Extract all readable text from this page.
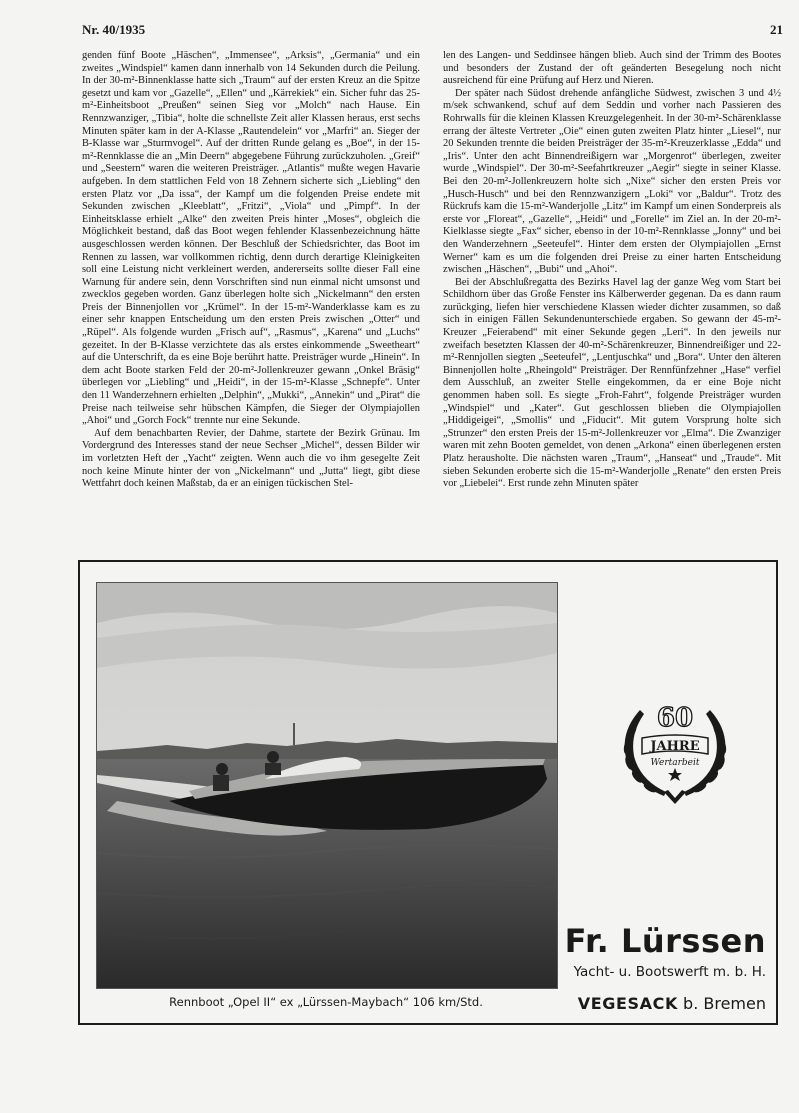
Nr. 40/1935	21

genden fünf Boote „Häschen“, „Immensee“, „Arksis“, „Germania“ und ein zweites „Windspiel“ kamen dann innerhalb von 14 Sekunden durch die Peilung. In der 30-m²-Binnenklasse hatte sich „Traum“ auf der ersten Kreuz an die Spitze gesetzt und kam vor „Gazelle“, „Ellen“ und „Kärrekiek“ ein. Sicher fuhr das 25-m²-Einheitsboot „Preußen“ seinen Sieg vor „Molch“ nach Hause. Ein Rennzwanziger, „Tibia“, holte die schnellste Zeit aller Klassen heraus, erst sechs Minuten später kam in der A-Klasse „Rautendelein“ vor „Marfri“ an. Sieger der B-Klasse war „Sturmvogel“. Auf der dritten Runde gelang es „Boe“, in der 15-m²-Rennklasse die an „Min Deern“ abgegebene Führung zurückzuholen. „Greif“ und „Seestern“ waren die weiteren Preisträger. „Atlantis“ mußte wegen Havarie aufgeben. In dem stattlichen Feld von 18 Zehnern sicherte sich „Liebling“ den ersten Platz vor „Da issa“, der Kampf um die folgenden Preise endete mit Sekunden zwischen „Kleeblatt“, „Fritzi“, „Viola“ und „Pimpf“. In der Einheitsklasse erhielt „Alke“ den zweiten Preis hinter „Moses“, obgleich die Möglichkeit bestand, daß das Boot wegen fehlender Klassenbezeichnung hätte ausgeschlossen werden können. Der Beschluß der Schiedsrichter, das Boot im Rennen zu lassen, war vollkommen richtig, denn durch derartige Kleinigkeiten soll eine Leistung nicht verkleinert werden, andererseits sollte dieser Fall eine Warnung für andere sein, denn Vorschriften sind nun einmal nicht umsonst und zwecklos gegeben worden. Ganz überlegen holte sich „Nickelmann“ den ersten Preis der Binnenjollen vor „Krümel“. In der 15-m²-Wanderklasse kam es zu einer sehr knappen Entscheidung um den ersten Preis zwischen „Otter“ und „Rüpel“. Als folgende wurden „Frisch auf“, „Rasmus“, „Karena“ und „Luchs“ gezeitet. In der B-Klasse verzichtete das als erstes einkommende „Sweetheart“ auf die Unterschrift, da es eine Boje berührt hatte. Preisträger wurde „Hinein“. In dem acht Boote starken Feld der 20-m²-Jollenkreuzer gewann „Onkel Bräsig“ überlegen vor „Liebling“ und „Heidi“, in der 15-m²-Klasse „Schnepfe“. Unter den 11 Wanderzehnern erhielten „Delphin“, „Mukki“, „Annekin“ und „Pirat“ die Preise nach teilweise sehr hübschen Kämpfen, die Sieger der Olympiajollen „Ahoi“ und „Gorch Fock“ trennte nur eine Sekunde.

Auf dem benachbarten Revier, der Dahme, startete der Bezirk Grünau. Im Vordergrund des Interesses stand der neue Sechser „Michel“, dessen Bilder wir im vorletzten Heft der „Yacht“ zeigten. Wenn auch die vo ihm gesegelte Zeit noch keine Minute hinter der von „Nickelmann“ und „Jutta“ liegt, gibt diese Wettfahrt doch keinen Maßstab, da er an einigen tückischen Stel-

len des Langen- und Seddinsee hängen blieb. Auch sind der Trimm des Bootes und besonders der Zustand der oft geänderten Besegelung noch nicht ausreichend für eine Prüfung auf Herz und Nieren.

Der später nach Südost drehende anfängliche Südwest, zwischen 3 und 4½ m/sek schwankend, schuf auf dem Seddin und vorher nach Passieren des Rohrwalls für die kleinen Klassen Kreuzgelegenheit. In der 30-m²-Schärenklasse errang der älteste Vertreter „Oie“ einen guten zweiten Platz hinter „Liesel“, nur 20 Sekunden trennte die beiden Preisträger der 35-m²-Kreuzerklasse „Edda“ und „Iris“. Unter den acht Binnendreißigern war „Morgenrot“ überlegen, zweiter wurde „Windspiel“. Der 30-m²-Seefahrtkreuzer „Aegir“ siegte in seiner Klasse. Bei den 20-m²-Jollenkreuzern holte sich „Nixe“ sicher den ersten Preis vor „Husch-Husch“ und bei den Rennzwanzigern „Loki“ vor „Baldur“. Trotz des Rückrufs kam die 15-m²-Wanderjolle „Litz“ im Kampf um einen Sonderpreis als erste vor „Floreat“, „Gazelle“, „Heidi“ und „Forelle“ im Ziel an. In der 20-m²-Kielklasse siegte „Fax“ sicher, ebenso in der 10-m²-Rennklasse „Jonny“ und bei den Wanderzehnern „Seeteufel“. Hinter dem ersten der Olympiajollen „Ernst Werner“ kam es um die folgenden drei Preise zu einer harten Entscheidung zwischen „Häschen“, „Bubi“ und „Ahoi“.

Bei der Abschlußregatta des Bezirks Havel lag der ganze Weg vom Start bei Schildhorn über das Große Fenster ins Kälberwerder gegenan. Da es dann raum zurückging, liefen hier verschiedene Klassen wieder dichter zusammen, so daß sich in einigen Fällen Sekundenunterschiede ergaben. So gewann der 45-m²-Kreuzer „Feierabend“ mit einer Sekunde gegen „Leri“. In den jeweils nur zweifach besetzten Klassen der 40-m²-Schärenkreuzer, Binnendreißiger und 22-m²-Rennjollen siegten „Seeteufel“, „Lentjuschka“ und „Bora“. Unter den älteren Binnenjollen holte „Rheingold“ Preisträger. Der Rennfünfzehner „Hase“ verfiel dem Ausschluß, an zweiter Stelle eingekommen, da er eine Boje nicht genommen haben soll. Es siegte „Froh-Fahrt“, folgende Preisträger wurden „Windspiel“ und „Kater“. Gut geschlossen blieben die Olympiajollen „Hiddigeigei“, „Smollis“ und „Fiducit“. Mit gutem Vorsprung holte sich „Strunzer“ den ersten Preis der 15-m²-Jollenkreuzer vor „Elma“. Die Zwanziger waren mit zehn Booten gemeldet, von denen „Arkona“ einen überlegenen ersten Platz herausholte. Die nächsten waren „Traum“, „Hanseat“ und „Traude“. Mit sieben Sekunden eroberte sich die 15-m²-Wanderjolle „Renate“ den ersten Preis vor „Liebelei“. Erst runde zehn Minuten später

Rennboot „Opel II“ ex „Lürssen-Maybach“ 106 km/Std.
60
JAHRE
Wertarbeit
Fr. Lürssen
Yacht- u. Bootswerft m. b. H.
VEGESACK b. Bremen
